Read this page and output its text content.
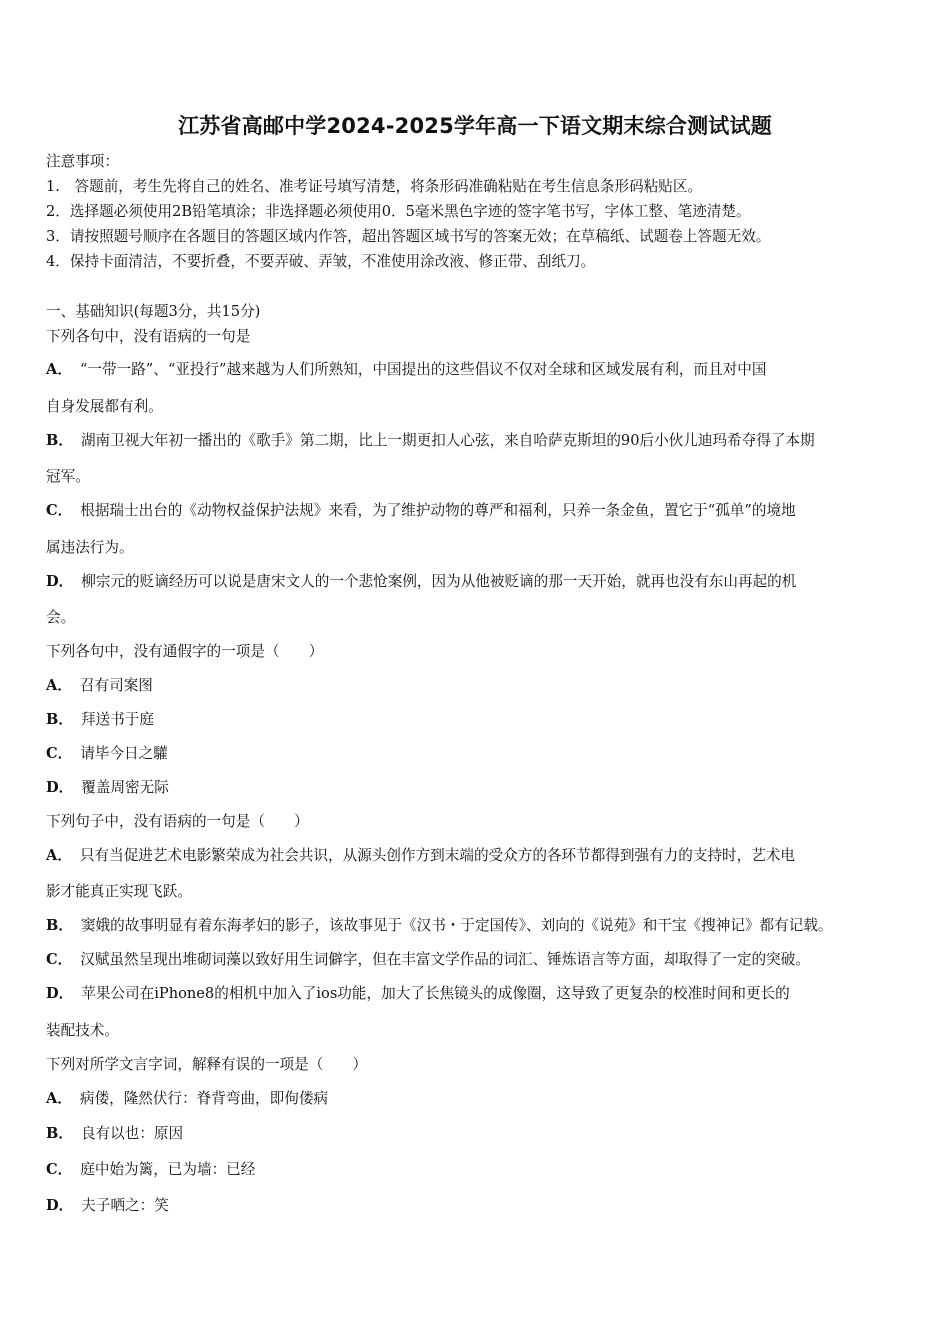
江苏省高邮中学2024-2025学年高一下语文期末综合测试试题
注意事项：
1.　答题前，考生先将自己的姓名、准考证号填写清楚，将条形码准确粘贴在考生信息条形码粘贴区。
2．选择题必须使用2B铅笔填涂；非选择题必须使用0．5毫米黑色字迹的签字笔书写，字体工整、笔迹清楚。
3．请按照题号顺序在各题目的答题区域内作答，超出答题区域书写的答案无效；在草稿纸、试题卷上答题无效。
4．保持卡面清洁，不要折叠，不要弄破、弄皱，不准使用涂改液、修正带、刮纸刀。
一、基础知识(每题3分，共15分)
下列各句中，没有语病的一句是
A． “一带一路”、“亚投行”越来越为人们所熟知，中国提出的这些倡议不仅对全球和区域发展有利，而且对中国
自身发展都有利。
B． 湖南卫视大年初一播出的《歌手》第二期，比上一期更扣人心弦，来自哈萨克斯坦的90后小伙儿迪玛希夺得了本期
冠军。
C． 根据瑞士出台的《动物权益保护法规》来看，为了维护动物的尊严和福利，只养一条金鱼，置它于“孤单”的境地
属违法行为。
D． 柳宗元的贬谪经历可以说是唐宋文人的一个悲怆案例，因为从他被贬谪的那一天开始，就再也没有东山再起的机
会。
下列各句中，没有通假字的一项是（　　）
A． 召有司案图
B． 拜送书于庭
C． 请毕今日之驩
D． 覆盖周密无际
下列句子中，没有语病的一句是（　　）
A． 只有当促进艺术电影繁荣成为社会共识，从源头创作方到末端的受众方的各环节都得到强有力的支持时，艺术电
影才能真正实现飞跃。
B． 窦娥的故事明显有着东海孝妇的影子，该故事见于《汉书・于定国传》、刘向的《说苑》和干宝《搜神记》都有记载。
C． 汉赋虽然呈现出堆砌词藻以致好用生词僻字，但在丰富文学作品的词汇、锤炼语言等方面，却取得了一定的突破。
D． 苹果公司在iPhone8的相机中加入了ios功能，加大了长焦镜头的成像圈，这导致了更复杂的校准时间和更长的
装配技术。
下列对所学文言字词，解释有误的一项是（　　）
A． 病偻，隆然伏行：脊背弯曲，即佝偻病
B． 良有以也：原因
C． 庭中始为篱，已为墙：已经
D． 夫子哂之：笑
